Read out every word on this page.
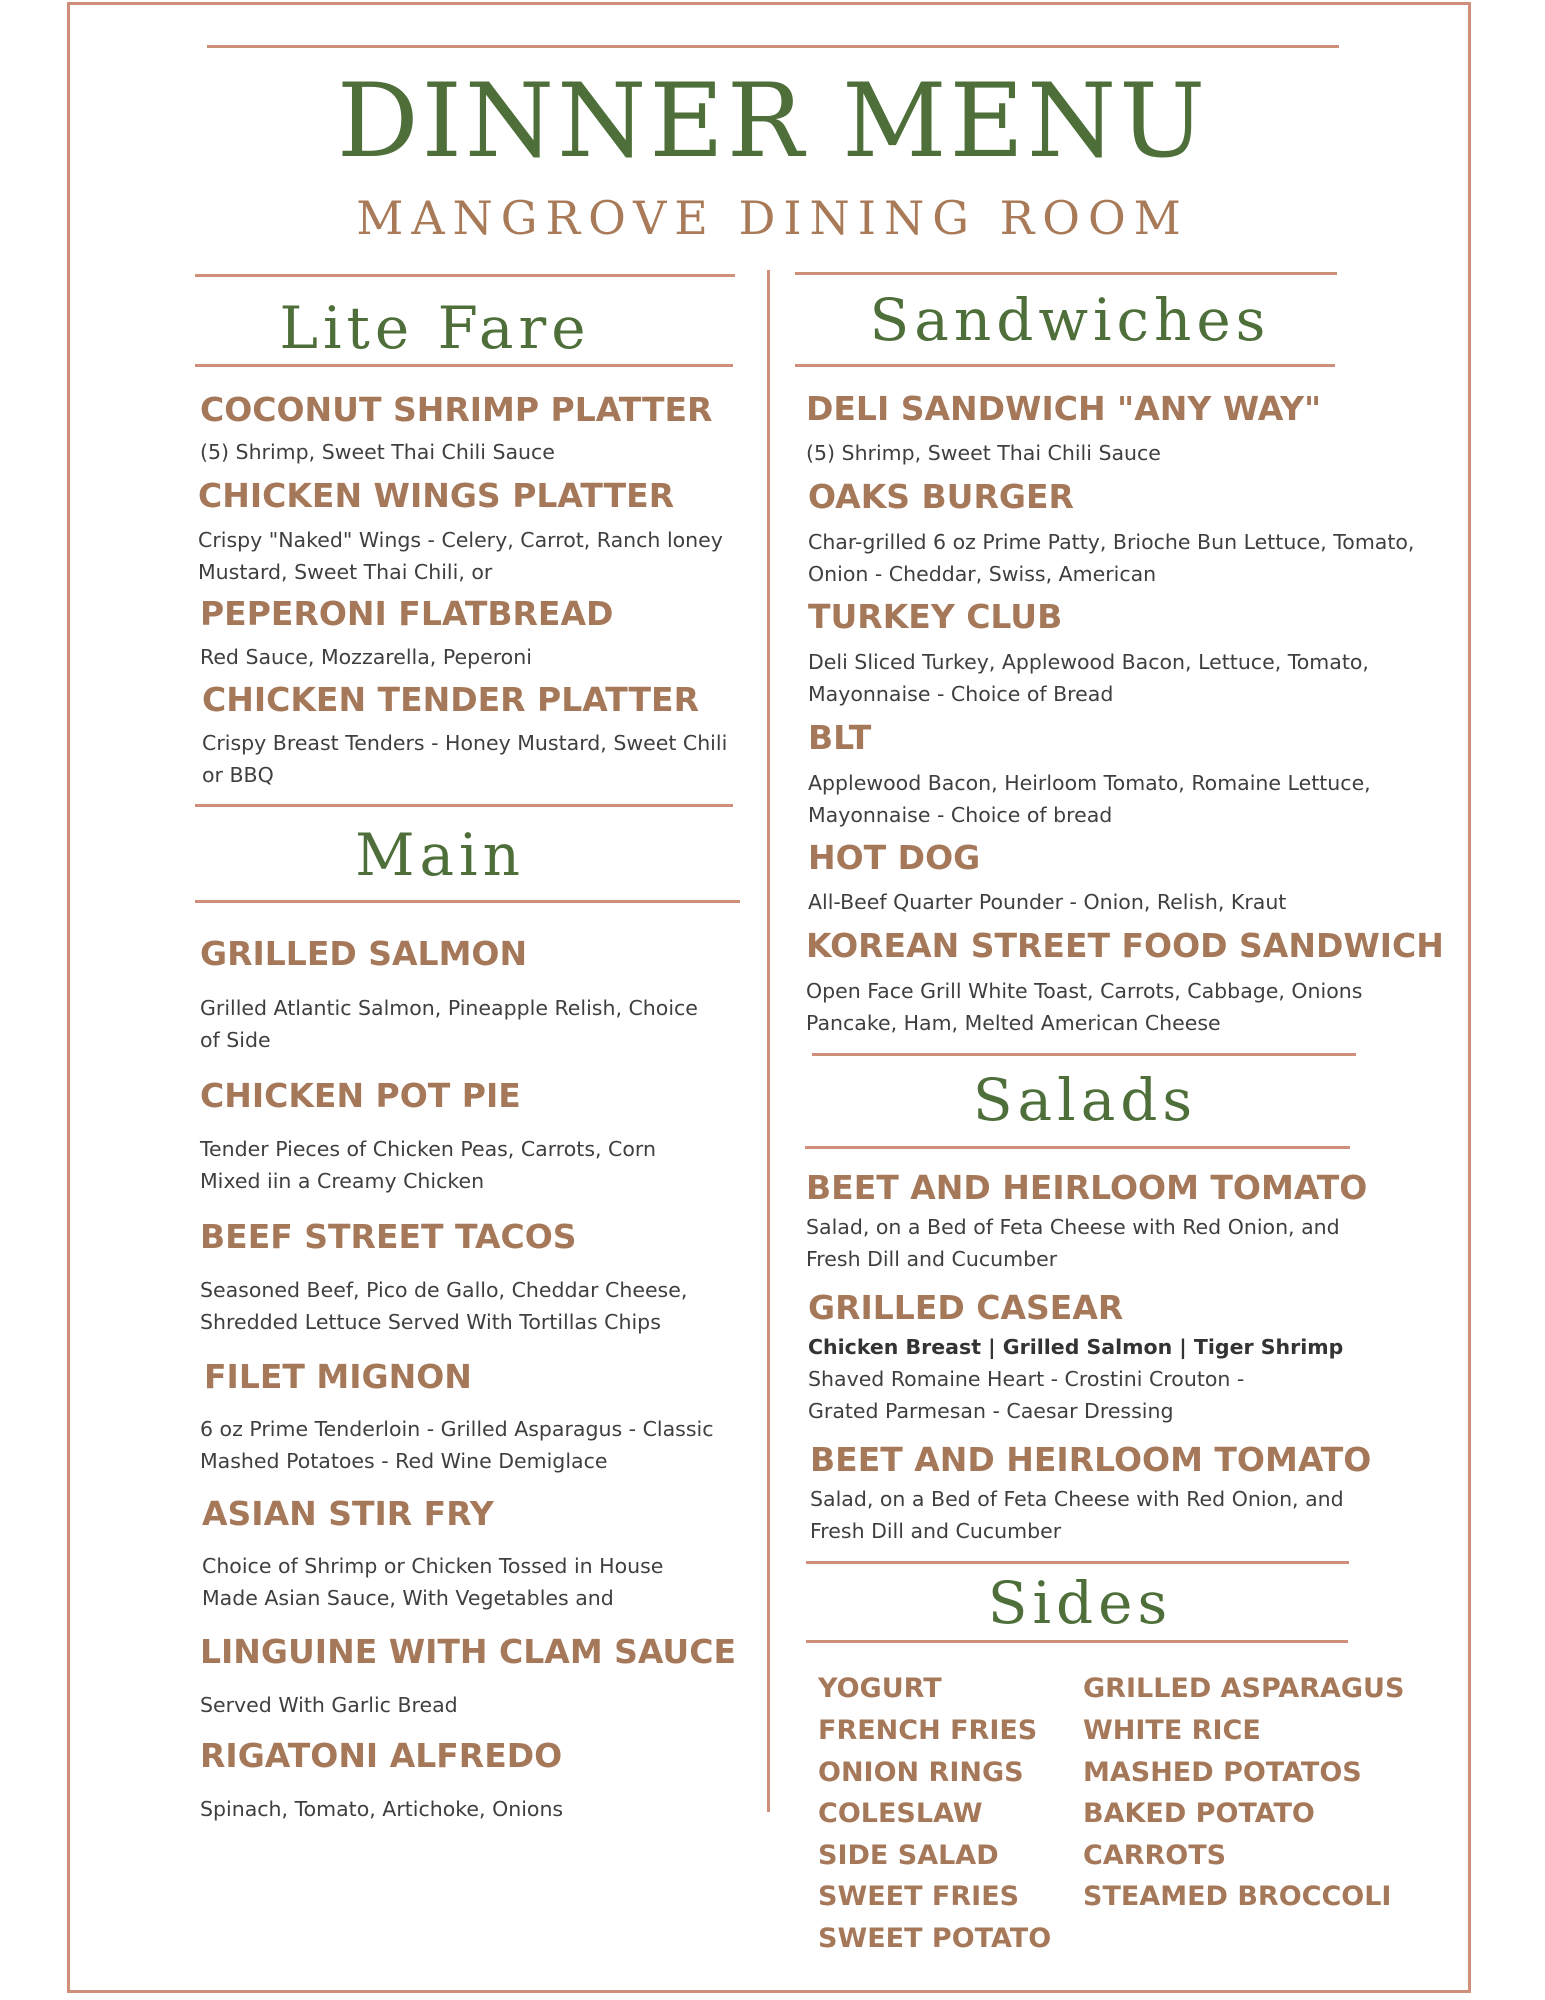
DINNER MENU
MANGROVE DINING ROOM
Lite Fare
COCONUT SHRIMP PLATTER

(5) Shrimp, Sweet Thai Chili Sauce

CHICKEN WINGS PLATTER

Crispy "Naked" Wings - Celery, Carrot, Ranch loney Mustard, Sweet Thai Chili, or

PEPERONI FLATBREAD

Red Sauce, Mozzarella, Peperoni

CHICKEN TENDER PLATTER

Crispy Breast Tenders - Honey Mustard, Sweet Chili or BBQ

Main
GRILLED SALMON

Grilled Atlantic Salmon, Pineapple Relish, Choice of Side

CHICKEN POT PIE

Tender Pieces of Chicken Peas, Carrots, Corn Mixed iin a Creamy Chicken

BEEF STREET TACOS

Seasoned Beef, Pico de Gallo, Cheddar Cheese, Shredded Lettuce Served With Tortillas Chips

FILET MIGNON

6 oz Prime Tenderloin - Grilled Asparagus - Classic Mashed Potatoes - Red Wine Demiglace

ASIAN STIR FRY

Choice of Shrimp or Chicken Tossed in House Made Asian Sauce, With Vegetables and

LINGUINE WITH CLAM SAUCE

Served With Garlic Bread

RIGATONI ALFREDO

Spinach, Tomato, Artichoke, Onions

Sandwiches
DELI SANDWICH "ANY WAY"

(5) Shrimp, Sweet Thai Chili Sauce

OAKS BURGER

Char-grilled 6 oz Prime Patty, Brioche Bun Lettuce, Tomato, Onion - Cheddar, Swiss, American

TURKEY CLUB

Deli Sliced Turkey, Applewood Bacon, Lettuce, Tomato, Mayonnaise - Choice of Bread

BLT

Applewood Bacon, Heirloom Tomato, Romaine Lettuce, Mayonnaise - Choice of bread

HOT DOG

All-Beef Quarter Pounder - Onion, Relish, Kraut

KOREAN STREET FOOD SANDWICH

Open Face Grill White Toast, Carrots, Cabbage, Onions Pancake, Ham, Melted American Cheese

Salads
BEET AND HEIRLOOM TOMATO

Salad, on a Bed of Feta Cheese with Red Onion, and Fresh Dill and Cucumber

GRILLED CASEAR

Chicken Breast | Grilled Salmon | Tiger Shrimp

Shaved Romaine Heart - Crostini Crouton - Grated Parmesan - Caesar Dressing

BEET AND HEIRLOOM TOMATO

Salad, on a Bed of Feta Cheese with Red Onion, and Fresh Dill and Cucumber

Sides

YOGURT

FRENCH FRIES

ONION RINGS

COLESLAW

SIDE SALAD

SWEET FRIES

SWEET POTATO

GRILLED ASPARAGUS

WHITE RICE

MASHED POTATOS

BAKED POTATO

CARROTS

STEAMED BROCCOLI
